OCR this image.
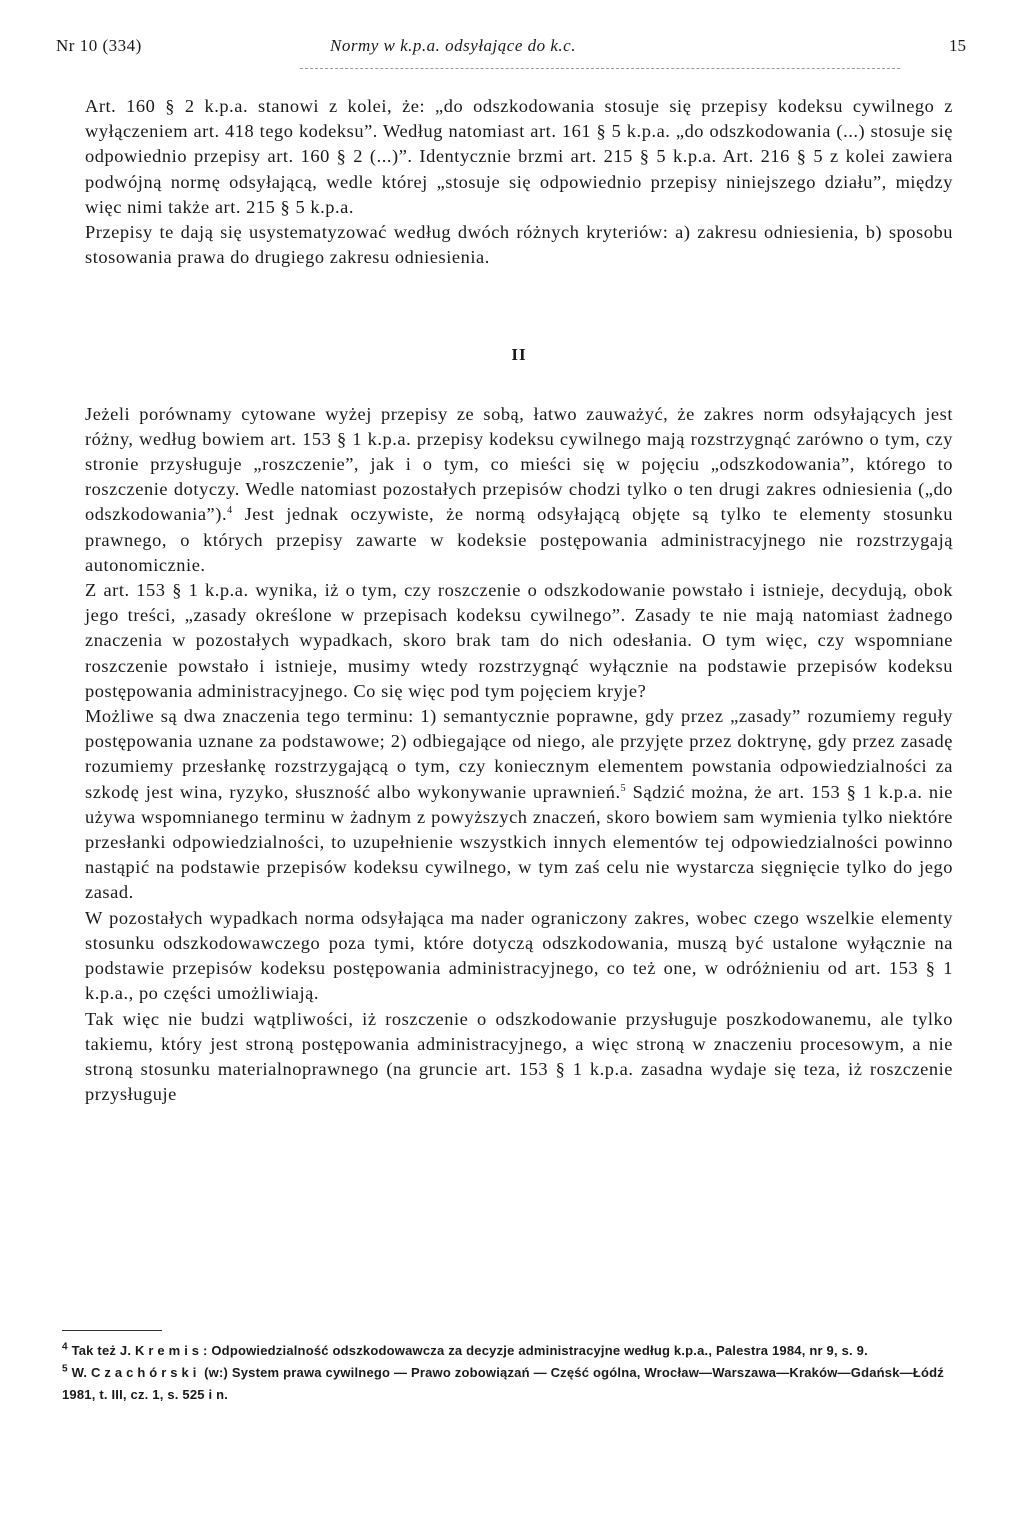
Nr 10 (334)	Normy w k.p.a. odsyłające do k.c.	15

Art. 160 § 2 k.p.a. stanowi z kolei, że: „do odszkodowania stosuje się przepisy kodeksu cywilnego z wyłączeniem art. 418 tego kodeksu”. Według natomiast art. 161 § 5 k.p.a. „do odszkodowania (...) stosuje się odpowiednio przepisy art. 160 § 2 (...)”. Identycznie brzmi art. 215 § 5 k.p.a. Art. 216 § 5 z kolei zawiera podwójną normę odsyłającą, wedle której „stosuje się odpowiednio przepisy niniejszego działu”, między więc nimi także art. 215 § 5 k.p.a.

Przepisy te dają się usystematyzować według dwóch różnych kryteriów: a) zakresu odniesienia, b) sposobu stosowania prawa do drugiego zakresu odniesienia.

II

Jeżeli porównamy cytowane wyżej przepisy ze sobą, łatwo zauważyć, że zakres norm odsyłających jest różny, według bowiem art. 153 § 1 k.p.a. przepisy kodeksu cywilnego mają rozstrzygnąć zarówno o tym, czy stronie przysługuje „roszczenie”, jak i o tym, co mieści się w pojęciu „odszkodowania”, którego to roszczenie dotyczy. Wedle natomiast pozostałych przepisów chodzi tylko o ten drugi zakres odniesienia („do odszkodowania”).$^4$ Jest jednak oczywiste, że normą odsyłającą objęte są tylko te elementy stosunku prawnego, o których przepisy zawarte w kodeksie postępowania administracyjnego nie rozstrzygają autonomicznie.

Z art. 153 § 1 k.p.a. wynika, iż o tym, czy roszczenie o odszkodowanie powstało i istnieje, decydują, obok jego treści, „zasady określone w przepisach kodeksu cywilnego”. Zasady te nie mają natomiast żadnego znaczenia w pozostałych wypadkach, skoro brak tam do nich odesłania. O tym więc, czy wspomniane roszczenie powstało i istnieje, musimy wtedy rozstrzygnąć wyłącznie na podstawie przepisów kodeksu postępowania administracyjnego. Co się więc pod tym pojęciem kryje?

Możliwe są dwa znaczenia tego terminu: 1) semantycznie poprawne, gdy przez „zasady” rozumiemy reguły postępowania uznane za podstawowe; 2) odbiegające od niego, ale przyjęte przez doktrynę, gdy przez zasadę rozumiemy przesłankę rozstrzygającą o tym, czy koniecznym elementem powstania odpowiedzialności za szkodę jest wina, ryzyko, słuszność albo wykonywanie uprawnień.$^5$ Sądzić można, że art. 153 § 1 k.p.a. nie używa wspomnianego terminu w żadnym z powyższych znaczeń, skoro bowiem sam wymienia tylko niektóre przesłanki odpowiedzialności, to uzupełnienie wszystkich innych elementów tej odpowiedzialności powinno nastąpić na podstawie przepisów kodeksu cywilnego, w tym zaś celu nie wystarcza sięgnięcie tylko do jego zasad.

W pozostałych wypadkach norma odsyłająca ma nader ograniczony zakres, wobec czego wszelkie elementy stosunku odszkodowawczego poza tymi, które dotyczą odszkodowania, muszą być ustalone wyłącznie na podstawie przepisów kodeksu postępowania administracyjnego, co też one, w odróżnieniu od art. 153 § 1 k.p.a., po części umożliwiają.

Tak więc nie budzi wątpliwości, iż roszczenie o odszkodowanie przysługuje poszkodowanemu, ale tylko takiemu, który jest stroną postępowania administracyjnego, a więc stroną w znaczeniu procesowym, a nie stroną stosunku materialnoprawnego (na gruncie art. 153 § 1 k.p.a. zasadna wydaje się teza, iż roszczenie przysługuje

$^4$ Tak też J. Kremis: Odpowiedzialność odszkodowawcza za decyzje administracyjne według k.p.a., Palestra 1984, nr 9, s. 9.
$^5$ W. Czachórski (w:) System prawa cywilnego — Prawo zobowiązań — Część ogólna, Wrocław—Warszawa—Kraków—Gdańsk—Łódź 1981, t. III, cz. 1, s. 525 i n.
